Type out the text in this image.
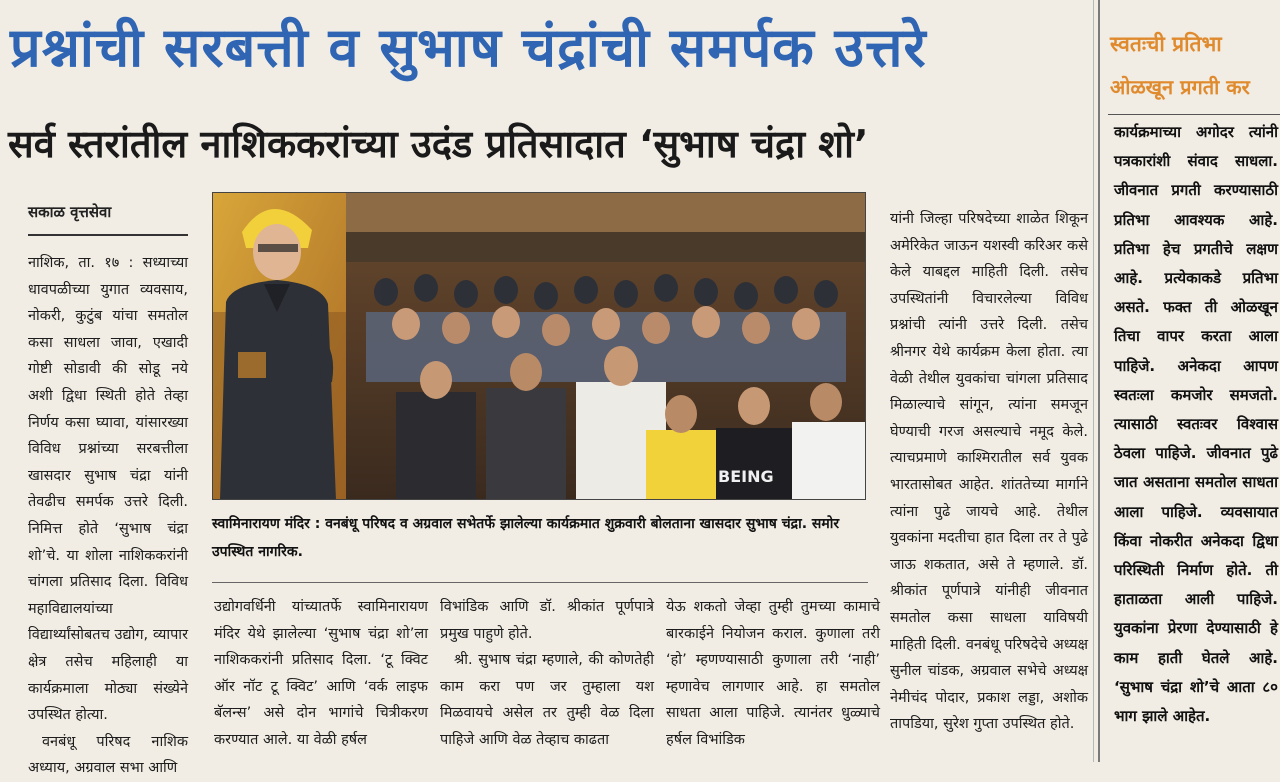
प्रश्नांची सरबत्ती व सुभाष चंद्रांची समर्पक उत्तरे
सर्व स्तरांतील नाशिककरांच्या उदंड प्रतिसादात ‘सुभाष चंद्रा शो’
स्वतःची प्रतिभा
ओळखून प्रगती कर

कार्यक्रमाच्या अगोदर त्यांनी पत्रकारांशी संवाद साधला. जीवनात प्रगती करण्यासाठी प्रतिभा आवश्यक आहे. प्रतिभा हेच प्रगतीचे लक्षण आहे. प्रत्येकाकडे प्रतिभा असते. फक्त ती ओळखून तिचा वापर करता आला पाहिजे. अनेकदा आपण स्वतःला कमजोर समजतो. त्यासाठी स्वतःवर विश्वास ठेवला पाहिजे. जीवनात पुढे जात असताना समतोल साधता आला पाहिजे. व्यवसायात किंवा नोकरीत अनेकदा द्विधा परिस्थिती निर्माण होते. ती हाताळता आली पाहिजे. युवकांना प्रेरणा देण्यासाठी हे काम हाती घेतले आहे. ‘सुभाष चंद्रा शो’चे आता ८० भाग झाले आहेत.

सकाळ वृत्तसेवा

नाशिक, ता. १७ : सध्याच्या धावपळीच्या युगात व्यवसाय, नोकरी, कुटुंब यांचा समतोल कसा साधला जावा, एखादी गोष्टी सोडावी की सोडू नये अशी द्विधा स्थिती होते तेव्हा निर्णय कसा घ्यावा, यांसारख्या विविध प्रश्नांच्या सरबत्तीला खासदार सुभाष चंद्रा यांनी तेवढीच समर्पक उत्तरे दिली. निमित्त होते ‘सुभाष चंद्रा शो’चे. या शोला नाशिककरांनी चांगला प्रतिसाद दिला. विविध महाविद्यालयांच्या विद्यार्थ्यांसोबतच उद्योग, व्यापार क्षेत्र तसेच महिलाही या कार्यक्रमाला मोठ्या संख्येने उपस्थित होत्या.

वनबंधू परिषद नाशिक अध्याय, अग्रवाल सभा आणि

BEING
स्वामिनारायण मंदिर : वनबंधू परिषद व अग्रवाल सभेतर्फे झालेल्या कार्यक्रमात शुक्रवारी बोलताना खासदार सुभाष चंद्रा. समोर उपस्थित नागरिक.

उद्योगवर्धिनी यांच्यातर्फे स्वामिनारायण मंदिर येथे झालेल्या ‘सुभाष चंद्रा शो’ला नाशिककरांनी प्रतिसाद दिला. ‘टू क्विट ऑर नॉट टू क्विट’ आणि ‘वर्क लाइफ बॅलन्स’ असे दोन भागांचे चित्रीकरण करण्यात आले. या वेळी हर्षल

विभांडिक आणि डॉ. श्रीकांत पूर्णपात्रे प्रमुख पाहुणे होते.

श्री. सुभाष चंद्रा म्हणाले, की कोणतेही काम करा पण जर तुम्हाला यश मिळवायचे असेल तर तुम्ही वेळ दिला पाहिजे आणि वेळ तेव्हाच काढता

येऊ शकतो जेव्हा तुम्ही तुमच्या कामाचे बारकाईने नियोजन कराल. कुणाला तरी ‘हो’ म्हणण्यासाठी कुणाला तरी ‘नाही’ म्हणावेच लागणार आहे. हा समतोल साधता आला पाहिजे. त्यानंतर धुळ्याचे हर्षल विभांडिक

यांनी जिल्हा परिषदेच्या शाळेत शिकून अमेरिकेत जाऊन यशस्वी करिअर कसे केले याबद्दल माहिती दिली. तसेच उपस्थितांनी विचारलेल्या विविध प्रश्नांची त्यांनी उत्तरे दिली. तसेच श्रीनगर येथे कार्यक्रम केला होता. त्या वेळी तेथील युवकांचा चांगला प्रतिसाद मिळाल्याचे सांगून, त्यांना समजून घेण्याची गरज असल्याचे नमूद केले. त्याचप्रमाणे काश्मिरातील सर्व युवक भारतासोबत आहेत. शांततेच्या मार्गाने त्यांना पुढे जायचे आहे. तेथील युवकांना मदतीचा हात दिला तर ते पुढे जाऊ शकतात, असे ते म्हणाले. डॉ. श्रीकांत पूर्णपात्रे यांनीही जीवनात समतोल कसा साधला याविषयी माहिती दिली. वनबंधू परिषदेचे अध्यक्ष सुनील चांडक, अग्रवाल सभेचे अध्यक्ष नेमीचंद पोदार, प्रकाश लड्डा, अशोक तापडिया, सुरेश गुप्ता उपस्थित होते.
